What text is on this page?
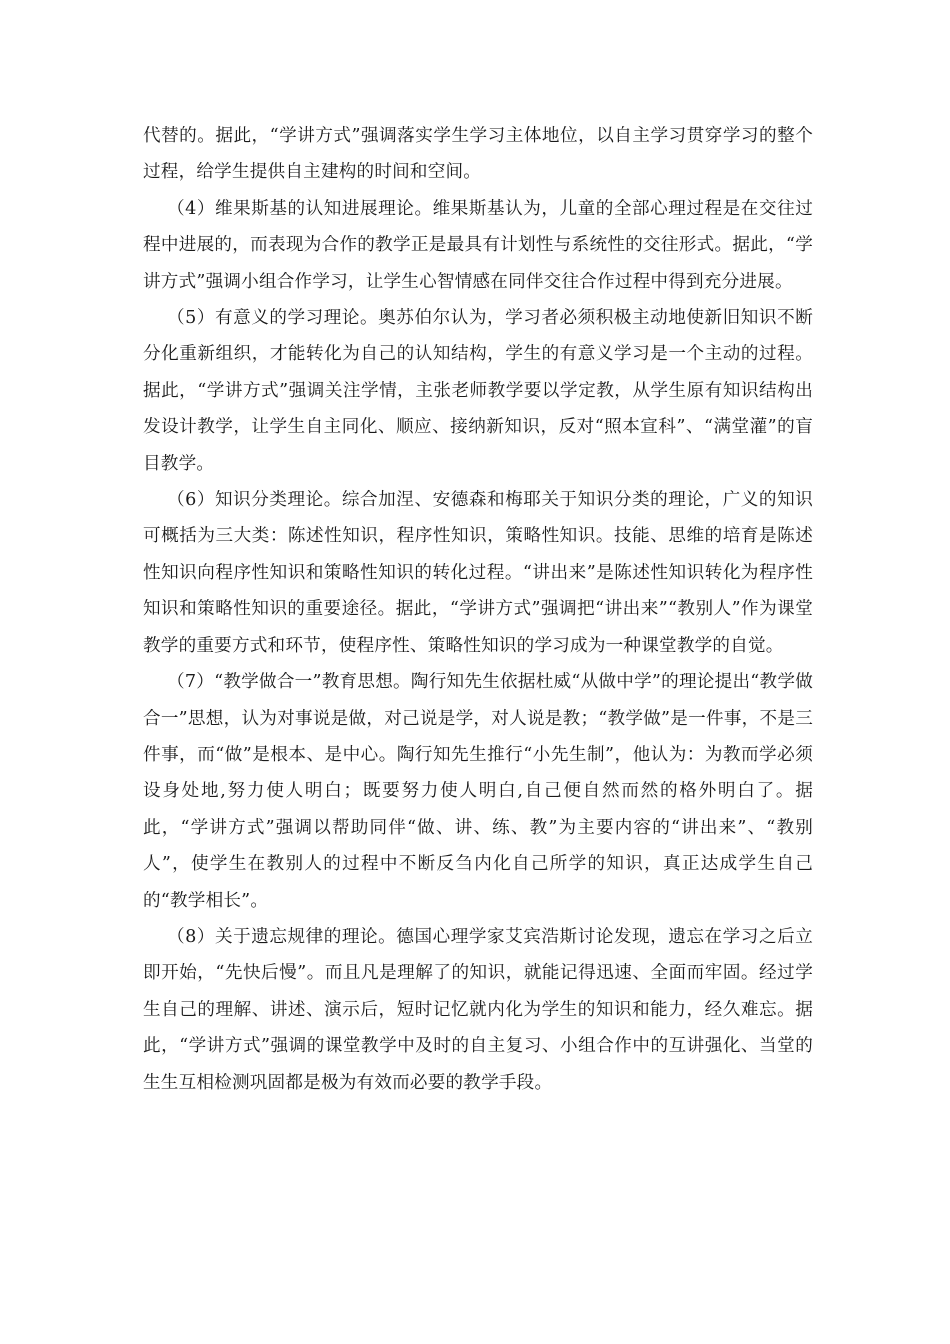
代替的。据此，“学讲方式”强调落实学生学习主体地位，以自主学习贯穿学习的整个过程，给学生提供自主建构的时间和空间。

（4）维果斯基的认知进展理论。维果斯基认为，儿童的全部心理过程是在交往过程中进展的，而表现为合作的教学正是最具有计划性与系统性的交往形式。据此，“学讲方式”强调小组合作学习，让学生心智情感在同伴交往合作过程中得到充分进展。

（5）有意义的学习理论。奥苏伯尔认为，学习者必须积极主动地使新旧知识不断分化重新组织，才能转化为自己的认知结构，学生的有意义学习是一个主动的过程。据此，“学讲方式”强调关注学情，主张老师教学要以学定教，从学生原有知识结构出发设计教学，让学生自主同化、顺应、接纳新知识，反对“照本宣科”、“满堂灌”的盲目教学。

（6）知识分类理论。综合加涅、安德森和梅耶关于知识分类的理论，广义的知识可概括为三大类：陈述性知识，程序性知识，策略性知识。技能、思维的培育是陈述性知识向程序性知识和策略性知识的转化过程。“讲出来”是陈述性知识转化为程序性知识和策略性知识的重要途径。据此，“学讲方式”强调把“讲出来”“教别人”作为课堂教学的重要方式和环节，使程序性、策略性知识的学习成为一种课堂教学的自觉。

（7）“教学做合一”教育思想。陶行知先生依据杜威“从做中学”的理论提出“教学做合一”思想，认为对事说是做，对己说是学，对人说是教；“教学做”是一件事，不是三件事，而“做”是根本、是中心。陶行知先生推行“小先生制”，他认为：为教而学必须设身处地,努力使人明白；既要努力使人明白,自己便自然而然的格外明白了。据此，“学讲方式”强调以帮助同伴“做、讲、练、教”为主要内容的“讲出来”、“教别人”，使学生在教别人的过程中不断反刍内化自己所学的知识，真正达成学生自己的“教学相长”。

（8）关于遗忘规律的理论。德国心理学家艾宾浩斯讨论发现，遗忘在学习之后立即开始，“先快后慢”。而且凡是理解了的知识，就能记得迅速、全面而牢固。经过学生自己的理解、讲述、演示后，短时记忆就内化为学生的知识和能力，经久难忘。据此，“学讲方式”强调的课堂教学中及时的自主复习、小组合作中的互讲强化、当堂的生生互相检测巩固都是极为有效而必要的教学手段。
